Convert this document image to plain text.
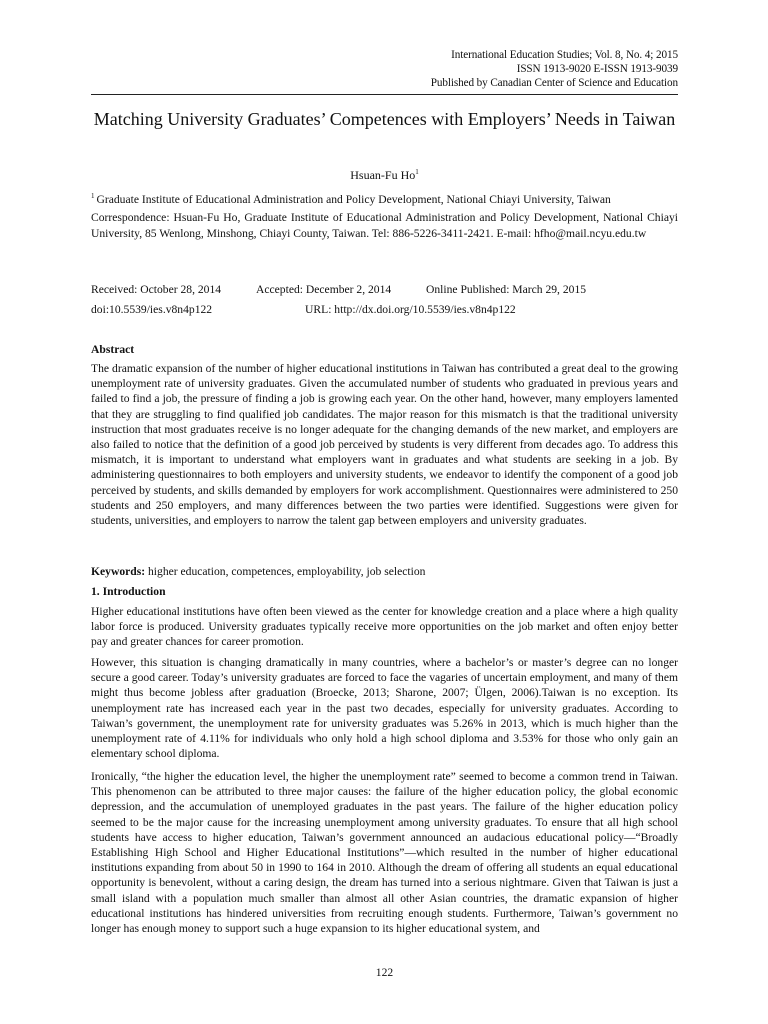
International Education Studies; Vol. 8, No. 4; 2015
ISSN 1913-9020 E-ISSN 1913-9039
Published by Canadian Center of Science and Education
Matching University Graduates’ Competences with Employers’ Needs in Taiwan
Hsuan-Fu Ho$^1$
$^1$ Graduate Institute of Educational Administration and Policy Development, National Chiayi University, Taiwan
Correspondence: Hsuan-Fu Ho, Graduate Institute of Educational Administration and Policy Development, National Chiayi University, 85 Wenlong, Minshong, Chiayi County, Taiwan. Tel: 886-5226-3411-2421. E-mail: hfho@mail.ncyu.edu.tw
Received: October 28, 2014	Accepted: December 2, 2014	Online Published: March 29, 2015
doi:10.5539/ies.v8n4p122	URL: http://dx.doi.org/10.5539/ies.v8n4p122
Abstract
The dramatic expansion of the number of higher educational institutions in Taiwan has contributed a great deal to the growing unemployment rate of university graduates. Given the accumulated number of students who graduated in previous years and failed to find a job, the pressure of finding a job is growing each year. On the other hand, however, many employers lamented that they are struggling to find qualified job candidates. The major reason for this mismatch is that the traditional university instruction that most graduates receive is no longer adequate for the changing demands of the new market, and employers are also failed to notice that the definition of a good job perceived by students is very different from decades ago. To address this mismatch, it is important to understand what employers want in graduates and what students are seeking in a job. By administering questionnaires to both employers and university students, we endeavor to identify the component of a good job perceived by students, and skills demanded by employers for work accomplishment. Questionnaires were administered to 250 students and 250 employers, and many differences between the two parties were identified. Suggestions were given for students, universities, and employers to narrow the talent gap between employers and university graduates.
Keywords: higher education, competences, employability, job selection
1. Introduction

Higher educational institutions have often been viewed as the center for knowledge creation and a place where a high quality labor force is produced. University graduates typically receive more opportunities on the job market and often enjoy better pay and greater chances for career promotion.

However, this situation is changing dramatically in many countries, where a bachelor’s or master’s degree can no longer secure a good career. Today’s university graduates are forced to face the vagaries of uncertain employment, and many of them might thus become jobless after graduation (Broecke, 2013; Sharone, 2007; Ülgen, 2006).Taiwan is no exception. Its unemployment rate has increased each year in the past two decades, especially for university graduates. According to Taiwan’s government, the unemployment rate for university graduates was 5.26% in 2013, which is much higher than the unemployment rate of 4.11% for individuals who only hold a high school diploma and 3.53% for those who only gain an elementary school diploma.

Ironically, “the higher the education level, the higher the unemployment rate” seemed to become a common trend in Taiwan. This phenomenon can be attributed to three major causes: the failure of the higher education policy, the global economic depression, and the accumulation of unemployed graduates in the past years. The failure of the higher education policy seemed to be the major cause for the increasing unemployment among university graduates. To ensure that all high school students have access to higher education, Taiwan’s government announced an audacious educational policy—“Broadly Establishing High School and Higher Educational Institutions”—which resulted in the number of higher educational institutions expanding from about 50 in 1990 to 164 in 2010. Although the dream of offering all students an equal educational opportunity is benevolent, without a caring design, the dream has turned into a serious nightmare. Given that Taiwan is just a small island with a population much smaller than almost all other Asian countries, the dramatic expansion of higher educational institutions has hindered universities from recruiting enough students. Furthermore, Taiwan’s government no longer has enough money to support such a huge expansion to its higher educational system, and

122
